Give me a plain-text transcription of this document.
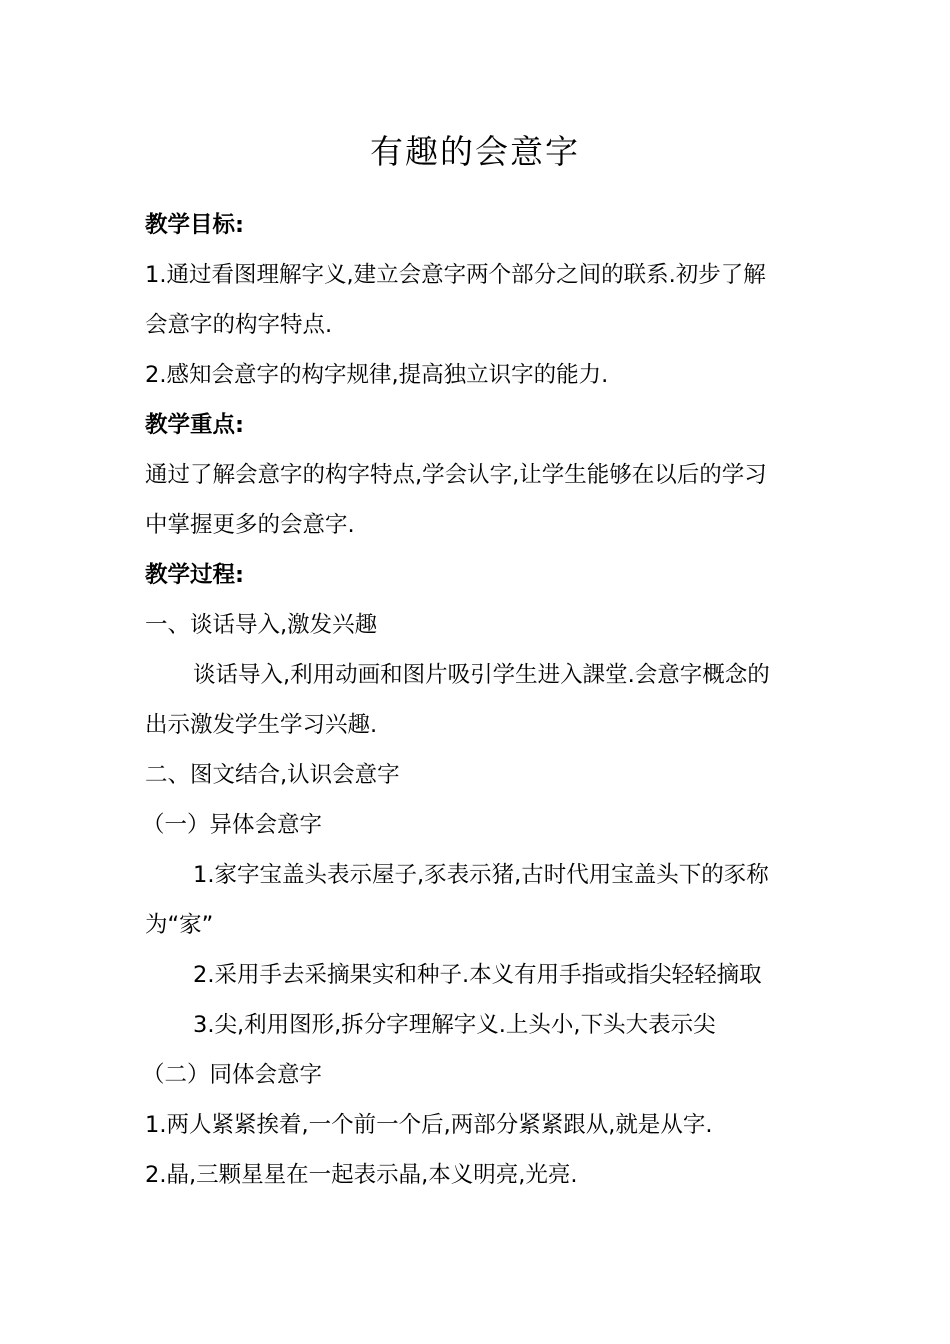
有趣的会意字
教学目标:
1.通过看图理解字义,建立会意字两个部分之间的联系.初步了解
会意字的构字特点.
2.感知会意字的构字规律,提高独立识字的能力.
教学重点:
通过了解会意字的构字特点,学会认字,让学生能够在以后的学习
中掌握更多的会意字.
教学过程:
一、谈话导入,激发兴趣
谈话导入,利用动画和图片吸引学生进入課堂.会意字概念的
出示激发学生学习兴趣.
二、图文结合,认识会意字
（一）异体会意字
1.家字宝盖头表示屋子,豕表示猪,古时代用宝盖头下的豕称
为“家”
2.采用手去采摘果实和种子.本义有用手指或指尖轻轻摘取
3.尖,利用图形,拆分字理解字义.上头小,下头大表示尖
（二）同体会意字
1.两人紧紧挨着,一个前一个后,两部分紧紧跟从,就是从字.
2.晶,三颗星星在一起表示晶,本义明亮,光亮.
